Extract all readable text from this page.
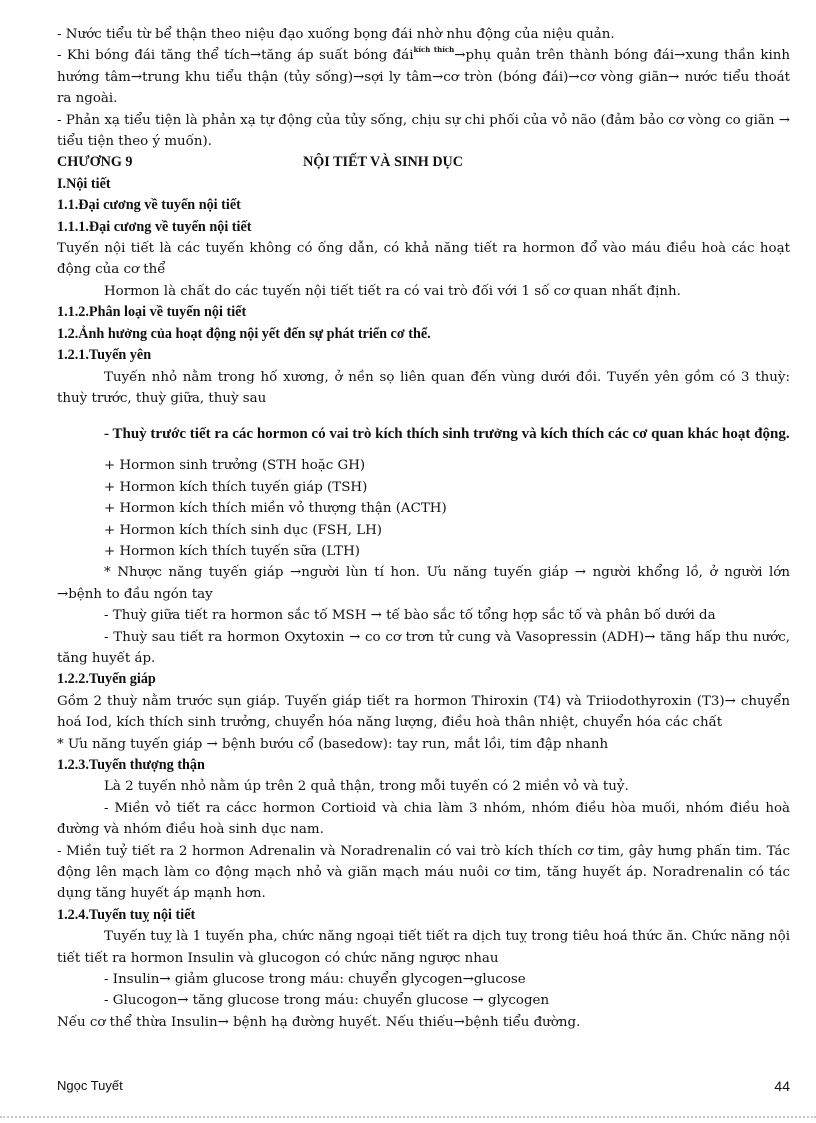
- Nước tiểu từ bể thận theo niệu đạo xuống bọng đái nhờ nhu động của niệu quản.

- Khi bóng đái tăng thể tích→tăng áp suất bóng đái$^{kích thích}$→phụ quản trên thành bóng đái→xung thần kinh hướng tâm→trung khu tiểu thận (tủy sống)→sợi ly tâm→cơ tròn (bóng đái)→cơ vòng giãn→ nước tiểu thoát ra ngoài.

- Phản xạ tiểu tiện là phản xạ tự động của tủy sống, chịu sự chi phối của vỏ não (đảm bảo cơ vòng co giãn → tiểu tiện theo ý muốn).

CHƯƠNG 9	NỘI TIẾT VÀ SINH DỤC

I.Nội tiết

1.1.Đại cương về tuyến nội tiết

1.1.1.Đại cương về tuyến nội tiết

Tuyến nội tiết là các tuyến không có ống dẫn, có khả năng tiết ra hormon đổ vào máu điều hoà các hoạt động của cơ thể

Hormon là chất do các tuyến nội tiết tiết ra có vai trò đối với 1 số cơ quan nhất định.

1.1.2.Phân loại về tuyến nội tiết

1.2.Ảnh hưởng của hoạt động nội yết đến sự phát triển cơ thể.

1.2.1.Tuyến yên

Tuyến nhỏ nằm trong hố xương, ở nền sọ liên quan đến vùng dưới đồi. Tuyến yên gồm có 3 thuỳ: thuỳ trước, thuỳ giữa, thuỳ sau

- Thuỳ trước tiết ra các hormon có vai trò kích thích sinh trưởng và kích thích các cơ quan khác hoạt động.

+ Hormon sinh trưởng (STH hoặc GH)

+ Hormon kích thích tuyến giáp (TSH)

+ Hormon kích thích miền vỏ thượng thận (ACTH)

+ Hormon kích thích sinh dục (FSH, LH)

+ Hormon kích thích tuyến sữa (LTH)

* Nhược năng tuyến giáp →người lùn tí hon. Ưu năng tuyến giáp → người khổng lồ, ở người lớn →bệnh to đầu ngón tay

- Thuỳ giữa tiết ra hormon sắc tố MSH → tế bào sắc tố tổng hợp sắc tố và phân bố dưới da

- Thuỳ sau tiết ra hormon Oxytoxin → co cơ trơn tử cung và Vasopressin (ADH)→ tăng hấp thu nước, tăng huyết áp.

1.2.2.Tuyến giáp

Gồm 2 thuỳ nằm trước sụn giáp. Tuyến giáp tiết ra hormon Thiroxin (T4) và Triiodothyroxin (T3)→ chuyển hoá Iod, kích thích sinh trưởng, chuyển hóa năng lượng, điều hoà thân nhiệt, chuyển hóa các chất

* Ưu năng tuyến giáp → bệnh bướu cổ (basedow): tay run, mắt lồi, tim đập nhanh

1.2.3.Tuyến thượng thận

Là 2 tuyến nhỏ nằm úp trên 2 quả thận, trong mỗi tuyến có 2 miền vỏ và tuỷ.

- Miền vỏ tiết ra cácc hormon Cortioid và chia làm 3 nhóm, nhóm điều hòa muối, nhóm điều hoà đường và nhóm điều hoà sinh dục nam.

- Miền tuỷ tiết ra 2 hormon Adrenalin và Noradrenalin có vai trò kích thích cơ tim, gây hưng phấn tim. Tác động lên mạch làm co động mạch nhỏ và giãn mạch máu nuôi cơ tim, tăng huyết áp. Noradrenalin có tác dụng tăng huyết áp mạnh hơn.

1.2.4.Tuyến tuỵ nội tiết

Tuyến tuỵ là 1 tuyến pha, chức năng ngoại tiết tiết ra dịch tuỵ trong tiêu hoá thức ăn. Chức năng nội tiết tiết ra hormon Insulin và glucogon có chức năng ngược nhau

- Insulin→ giảm glucose trong máu: chuyển glycogen→glucose

- Glucogon→ tăng glucose trong máu: chuyển glucose → glycogen

Nếu cơ thể thừa Insulin→ bệnh hạ đường huyết. Nếu thiếu→bệnh tiểu đường.

Ngọc Tuyết	44
